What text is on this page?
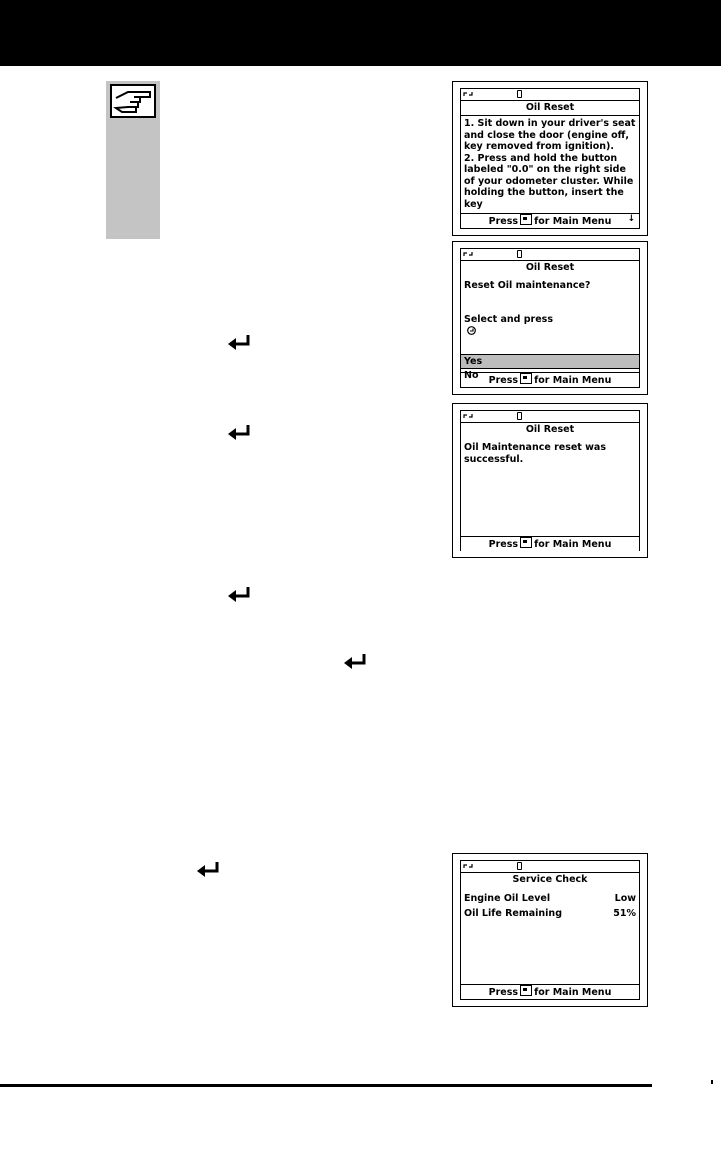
Oil Reset
1. Sit down in your driver's seat and close the door (engine off, key removed from ignition).
2. Press and hold the button labeled "0.0" on the right side of your odometer cluster. While holding the button, insert the key
Press for Main Menu ↓
Oil Reset
Reset Oil maintenance?

Select and press

Yes
No	Press for Main Menu
Oil Reset
Oil Maintenance reset was successful.
Press for Main Menu
Service Check
Engine Oil Level	Low
Oil Life Remaining	51%
Press for Main Menu
